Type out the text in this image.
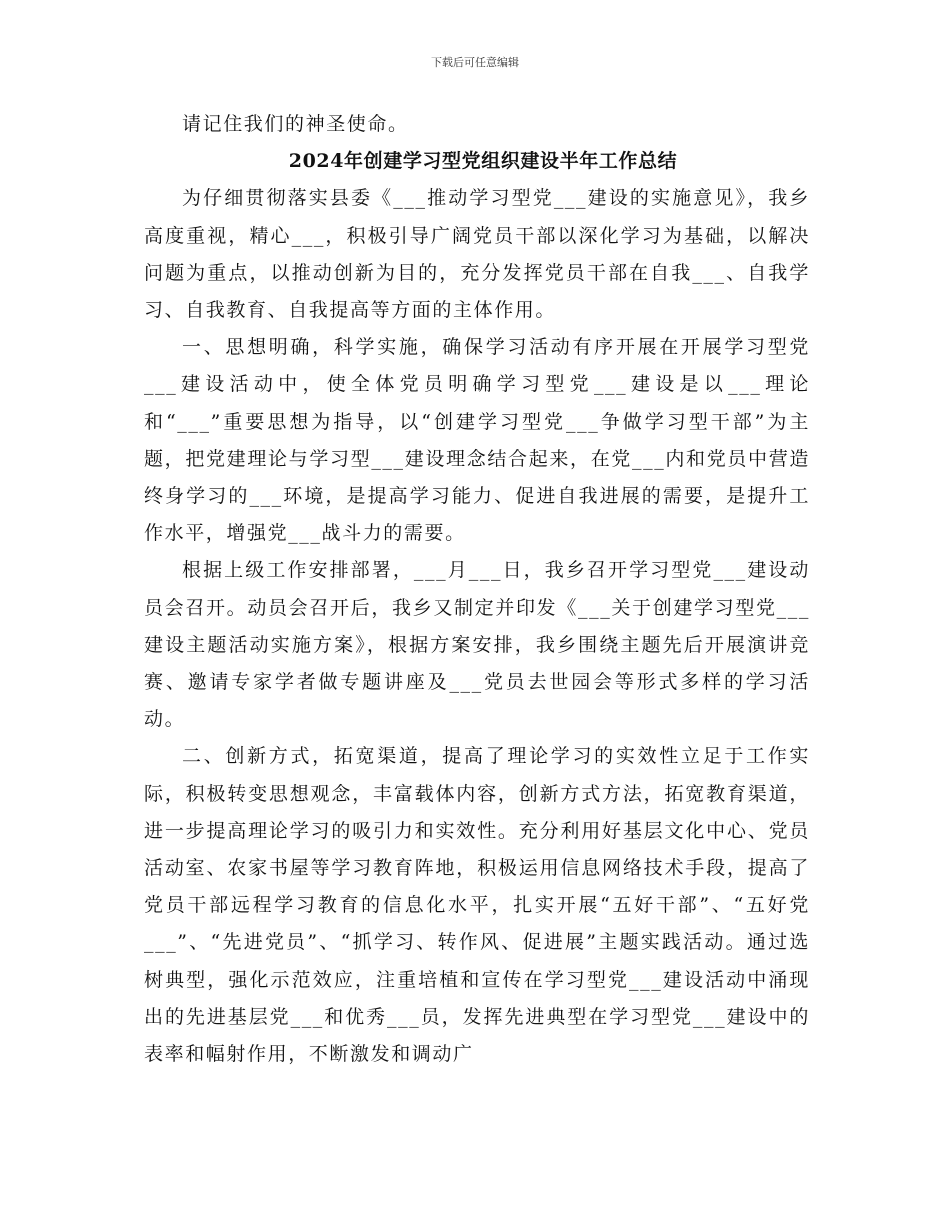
下载后可任意编辑

请记住我们的神圣使命。

2024年创建学习型党组织建设半年工作总结

为仔细贯彻落实县委《___推动学习型党___建设的实施意见》，我乡高度重视，精心___，积极引导广阔党员干部以深化学习为基础，以解决问题为重点，以推动创新为目的，充分发挥党员干部在自我___、自我学习、自我教育、自我提高等方面的主体作用。

一、思想明确，科学实施，确保学习活动有序开展在开展学习型党___建设活动中，使全体党员明确学习型党___建设是以___理论和“___”重要思想为指导，以“创建学习型党___争做学习型干部”为主题，把党建理论与学习型___建设理念结合起来，在党___内和党员中营造终身学习的___环境，是提高学习能力、促进自我进展的需要，是提升工作水平，增强党___战斗力的需要。

根据上级工作安排部署，___月___日，我乡召开学习型党___建设动员会召开。动员会召开后，我乡又制定并印发《___关于创建学习型党___建设主题活动实施方案》，根据方案安排，我乡围绕主题先后开展演讲竞赛、邀请专家学者做专题讲座及___党员去世园会等形式多样的学习活动。

二、创新方式，拓宽渠道，提高了理论学习的实效性立足于工作实际，积极转变思想观念，丰富载体内容，创新方式方法，拓宽教育渠道，进一步提高理论学习的吸引力和实效性。充分利用好基层文化中心、党员活动室、农家书屋等学习教育阵地，积极运用信息网络技术手段，提高了党员干部远程学习教育的信息化水平，扎实开展“五好干部”、“五好党___”、“先进党员”、“抓学习、转作风、促进展”主题实践活动。通过选树典型，强化示范效应，注重培植和宣传在学习型党___建设活动中涌现出的先进基层党___和优秀___员，发挥先进典型在学习型党___建设中的表率和幅射作用，不断激发和调动广
